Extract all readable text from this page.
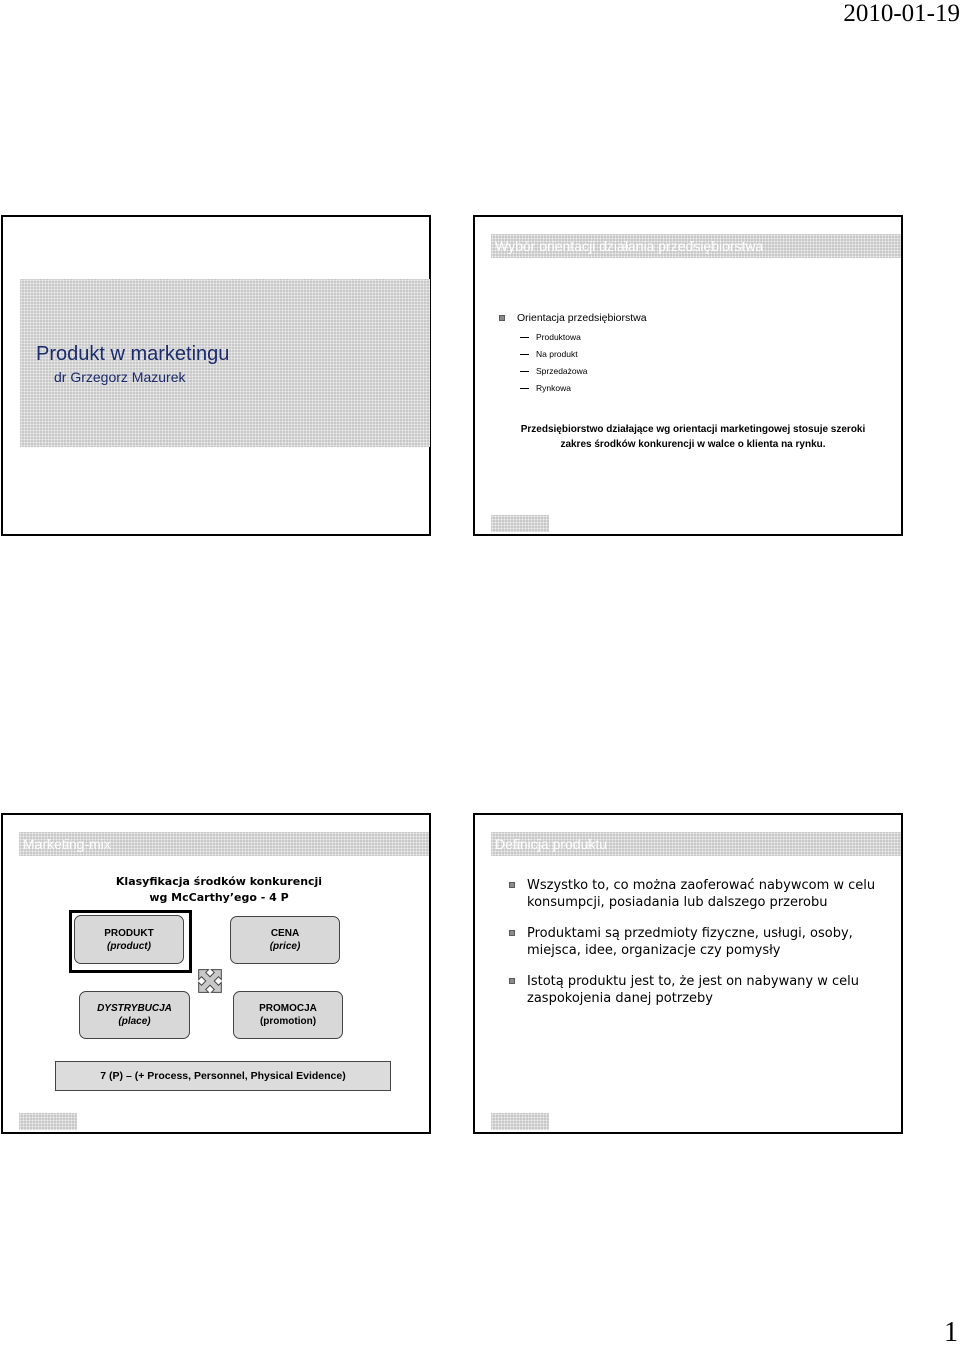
2010-01-19
Produkt w marketingu
dr Grzegorz Mazurek
Wybór orientacji działania przedsiębiorstwa
Orientacja przedsiębiorstwa
Produktowa
Na produkt
Sprzedażowa
Rynkowa
Przedsiębiorstwo działające wg orientacji marketingowej stosuje szeroki
zakres środków konkurencji w walce o klienta na rynku.
Marketing-mix
Klasyfikacja środków konkurencji
wg McCarthy’ego - 4 P
PRODUKT
(product)
CENA
(price)
DYSTRYBUCJA
(place)
PROMOCJA
(promotion)
7 (P) – (+ Process, Personnel, Physical Evidence)
Definicja produktu
Wszystko to, co można zaoferować nabywcom w celu konsumpcji, posiadania lub dalszego przerobu
Produktami są przedmioty fizyczne, usługi, osoby, miejsca, idee, organizacje czy pomysły
Istotą produktu jest to, że jest on nabywany w celu zaspokojenia danej potrzeby
1
